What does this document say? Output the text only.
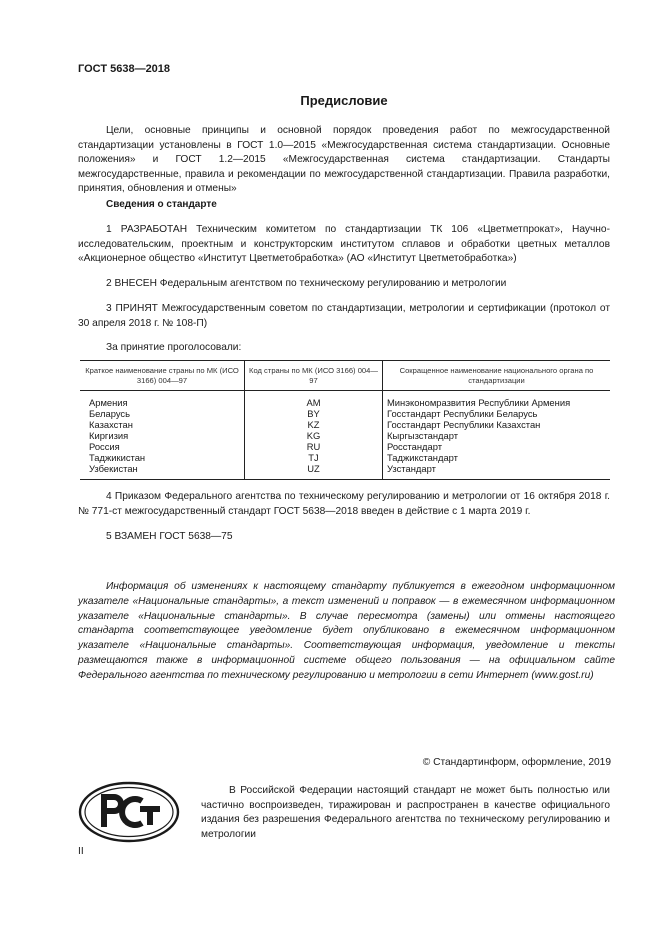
ГОСТ 5638—2018
Предисловие
Цели, основные принципы и основной порядок проведения работ по межгосударственной стандартизации установлены в ГОСТ 1.0—2015 «Межгосударственная система стандартизации. Основные положения» и ГОСТ 1.2—2015 «Межгосударственная система стандартизации. Стандарты межгосударственные, правила и рекомендации по межгосударственной стандартизации. Правила разработки, принятия, обновления и отмены»
Сведения о стандарте
1 РАЗРАБОТАН Техническим комитетом по стандартизации ТК 106 «Цветметпрокат», Научно-исследовательским, проектным и конструкторским институтом сплавов и обработки цветных металлов «Акционерное общество «Институт Цветметобработка» (АО «Институт Цветметобработка»)
2 ВНЕСЕН Федеральным агентством по техническому регулированию и метрологии
3 ПРИНЯТ Межгосударственным советом по стандартизации, метрологии и сертификации (протокол от 30 апреля 2018 г. № 108-П)
За принятие проголосовали:
Краткое наименование страны по МК (ИСО 3166) 004—97	Код страны по МК (ИСО 3166) 004—97	Сокращенное наименование национального органа по стандартизации
Армения	AM	Минэкономразвития Республики Армения
Беларусь	BY	Госстандарт Республики Беларусь
Казахстан	KZ	Госстандарт Республики Казахстан
Киргизия	KG	Кыргызстандарт
Россия	RU	Росстандарт
Таджикистан	TJ	Таджикстандарт
Узбекистан	UZ	Узстандарт
4 Приказом Федерального агентства по техническому регулированию и метрологии от 16 октября 2018 г. № 771-ст межгосударственный стандарт ГОСТ 5638—2018 введен в действие с 1 марта 2019 г.
5 ВЗАМЕН ГОСТ 5638—75
Информация об изменениях к настоящему стандарту публикуется в ежегодном информационном указателе «Национальные стандарты», а текст изменений и поправок — в ежемесячном информационном указателе «Национальные стандарты». В случае пересмотра (замены) или отмены настоящего стандарта соответствующее уведомление будет опубликовано в ежемесячном информационном указателе «Национальные стандарты». Соответствующая информация, уведомление и тексты размещаются также в информационной системе общего пользования — на официальном сайте Федерального агентства по техническому регулированию и метрологии в сети Интернет (www.gost.ru)
© Стандартинформ, оформление, 2019
В Российской Федерации настоящий стандарт не может быть полностью или частично воспроизведен, тиражирован и распространен в качестве официального издания без разрешения Федерального агентства по техническому регулированию и метрологии
II
